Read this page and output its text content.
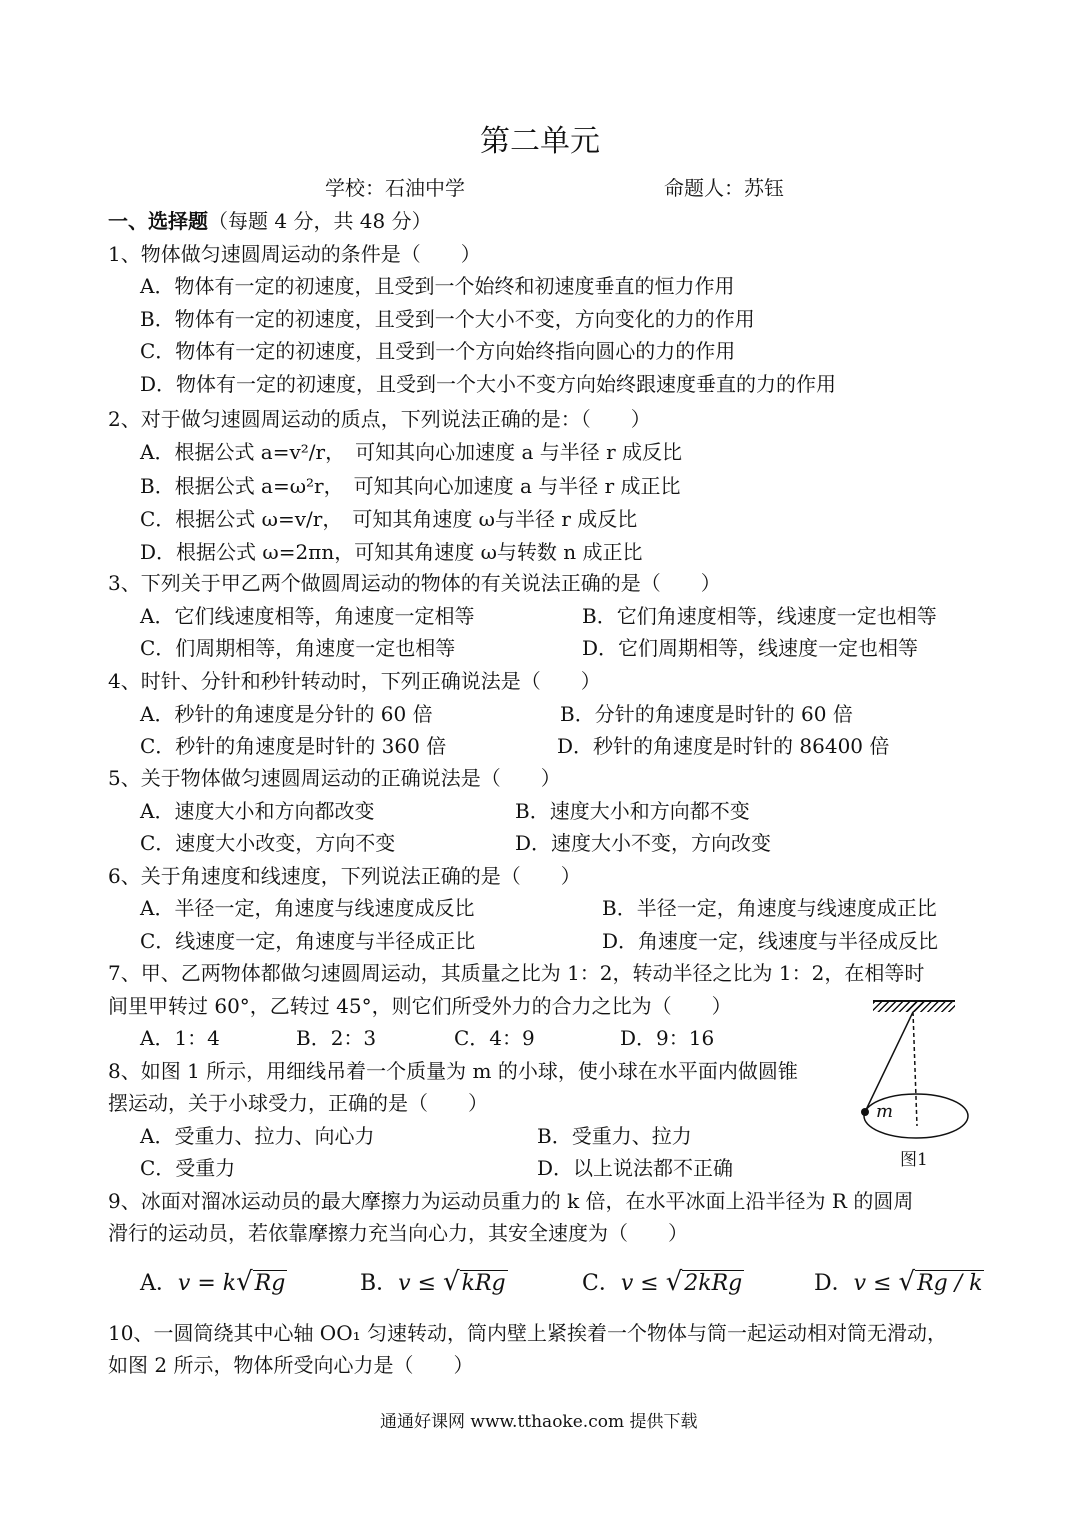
第二单元
学校：石油中学	命题人：苏钰
一、选择题（每题 4 分，共 48 分）
1、物体做匀速圆周运动的条件是（　　）
A．物体有一定的初速度，且受到一个始终和初速度垂直的恒力作用
B．物体有一定的初速度，且受到一个大小不变，方向变化的力的作用
C．物体有一定的初速度，且受到一个方向始终指向圆心的力的作用
D．物体有一定的初速度，且受到一个大小不变方向始终跟速度垂直的力的作用
2、对于做匀速圆周运动的质点，下列说法正确的是：（　　）
A．根据公式 a=v²/r，　可知其向心加速度 a 与半径 r 成反比
B．根据公式 a=ω²r，　可知其向心加速度 a 与半径 r 成正比
C．根据公式 ω=v/r，　可知其角速度 ω与半径 r 成反比
D．根据公式 ω=2πn，可知其角速度 ω与转数 n 成正比
3、下列关于甲乙两个做圆周运动的物体的有关说法正确的是（　　）
A．它们线速度相等，角速度一定相等	B．它们角速度相等，线速度一定也相等
C．们周期相等，角速度一定也相等	D．它们周期相等，线速度一定也相等
4、时针、分针和秒针转动时，下列正确说法是（　　）
A．秒针的角速度是分针的 60 倍	B．分针的角速度是时针的 60 倍
C．秒针的角速度是时针的 360 倍	D．秒针的角速度是时针的 86400 倍
5、关于物体做匀速圆周运动的正确说法是（　　）
A．速度大小和方向都改变	B．速度大小和方向都不变
C．速度大小改变，方向不变	D．速度大小不变，方向改变
6、关于角速度和线速度，下列说法正确的是（　　）
A．半径一定，角速度与线速度成反比	B．半径一定，角速度与线速度成正比
C．线速度一定，角速度与半径成正比	D．角速度一定，线速度与半径成反比
7、甲、乙两物体都做匀速圆周运动，其质量之比为 1：2，转动半径之比为 1：2，在相等时
间里甲转过 60°，乙转过 45°，则它们所受外力的合力之比为（　　）
A．1：4	B．2：3	C．4：9	D．9：16
m
图1
8、如图 1 所示，用细线吊着一个质量为 m 的小球，使小球在水平面内做圆锥
摆运动，关于小球受力，正确的是（　　）
A．受重力、拉力、向心力	B．受重力、拉力
C．受重力	D．以上说法都不正确
9、冰面对溜冰运动员的最大摩擦力为运动员重力的 k 倍，在水平冰面上沿半径为 R 的圆周
滑行的运动员，若依靠摩擦力充当向心力，其安全速度为（　　）
A．v = k√Rg	B．v ≤ √kRg	C．v ≤ √2kRg	D．v ≤ √Rg / k
10、一圆筒绕其中心轴 OO₁ 匀速转动，筒内壁上紧挨着一个物体与筒一起运动相对筒无滑动，
如图 2 所示，物体所受向心力是（　　）
通通好课网 www.tthaoke.com 提供下载
